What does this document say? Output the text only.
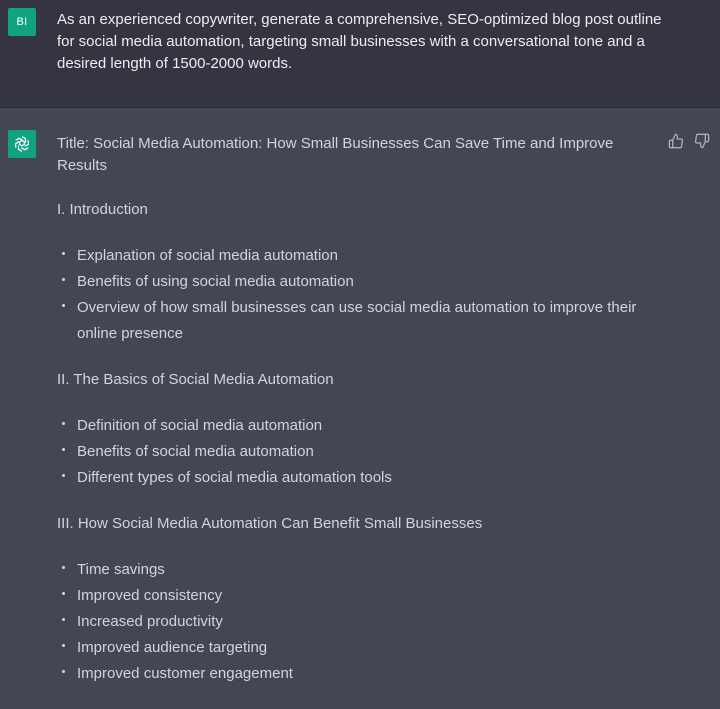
BI	As an experienced copywriter, generate a comprehensive, SEO-optimized blog post outline for social media automation, targeting small businesses with a conversational tone and a desired length of 1500-2000 words.

Title: Social Media Automation: How Small Businesses Can Save Time and Improve Results

I. Introduction

Explanation of social media automation
Benefits of using social media automation
Overview of how small businesses can use social media automation to improve their online presence

II. The Basics of Social Media Automation

Definition of social media automation
Benefits of social media automation
Different types of social media automation tools

III. How Social Media Automation Can Benefit Small Businesses

Time savings
Improved consistency
Increased productivity
Improved audience targeting
Improved customer engagement
